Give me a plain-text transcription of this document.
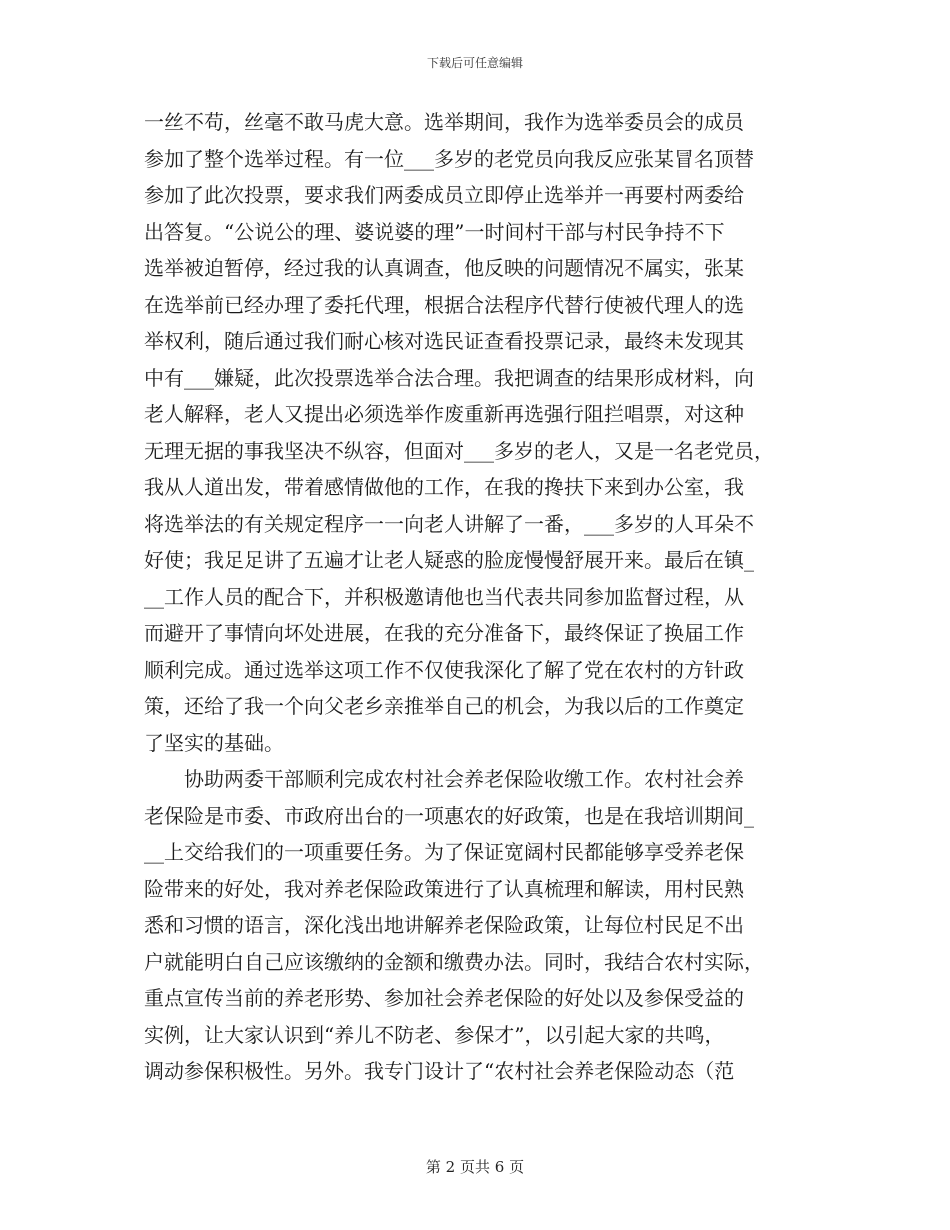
下载后可任意编辑
一丝不苟，丝毫不敢马虎大意。选举期间，我作为选举委员会的成员
参加了整个选举过程。有一位___多岁的老党员向我反应张某冒名顶替
参加了此次投票，要求我们两委成员立即停止选举并一再要村两委给
出答复。“公说公的理、婆说婆的理”一时间村干部与村民争持不下
选举被迫暂停，经过我的认真调查，他反映的问题情况不属实，张某
在选举前已经办理了委托代理，根据合法程序代替行使被代理人的选
举权利，随后通过我们耐心核对选民证查看投票记录，最终未发现其
中有___嫌疑，此次投票选举合法合理。我把调查的结果形成材料，向
老人解释，老人又提出必须选举作废重新再选强行阻拦唱票，对这种
无理无据的事我坚决不纵容，但面对___多岁的老人，又是一名老党员，
我从人道出发，带着感情做他的工作，在我的搀扶下来到办公室，我
将选举法的有关规定程序一一向老人讲解了一番，___多岁的人耳朵不
好使；我足足讲了五遍才让老人疑惑的脸庞慢慢舒展开来。最后在镇_
__工作人员的配合下，并积极邀请他也当代表共同参加监督过程，从
而避开了事情向坏处进展，在我的充分准备下，最终保证了换届工作
顺利完成。通过选举这项工作不仅使我深化了解了党在农村的方针政
策，还给了我一个向父老乡亲推举自己的机会，为我以后的工作奠定
了坚实的基础。
协助两委干部顺利完成农村社会养老保险收缴工作。农村社会养
老保险是市委、市政府出台的一项惠农的好政策，也是在我培训期间_
__上交给我们的一项重要任务。为了保证宽阔村民都能够享受养老保
险带来的好处，我对养老保险政策进行了认真梳理和解读，用村民熟
悉和习惯的语言，深化浅出地讲解养老保险政策，让每位村民足不出
户就能明白自己应该缴纳的金额和缴费办法。同时，我结合农村实际，
重点宣传当前的养老形势、参加社会养老保险的好处以及参保受益的
实例，让大家认识到“养儿不防老、参保才”，以引起大家的共鸣，
调动参保积极性。另外。我专门设计了“农村社会养老保险动态（范
第 2 页共 6 页
